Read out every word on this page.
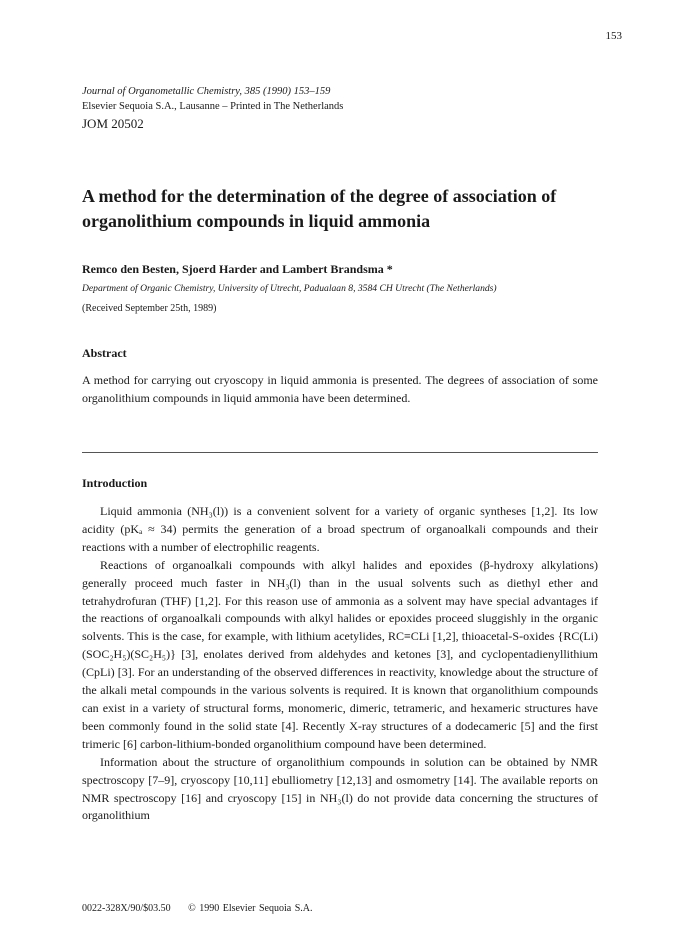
153
Journal of Organometallic Chemistry, 385 (1990) 153–159
Elsevier Sequoia S.A., Lausanne – Printed in The Netherlands
JOM 20502
A method for the determination of the degree of association of organolithium compounds in liquid ammonia
Remco den Besten, Sjoerd Harder and Lambert Brandsma *
Department of Organic Chemistry, University of Utrecht, Padualaan 8, 3584 CH Utrecht (The Netherlands)
(Received September 25th, 1989)
Abstract

A method for carrying out cryoscopy in liquid ammonia is presented. The degrees of association of some organolithium compounds in liquid ammonia have been determined.

Introduction

Liquid ammonia (NH₃(l)) is a convenient solvent for a variety of organic syntheses [1,2]. Its low acidity (pKₐ ≈ 34) permits the generation of a broad spectrum of organoalkali compounds and their reactions with a number of electrophilic reagents.

Reactions of organoalkali compounds with alkyl halides and epoxides (β-hydroxy alkylations) generally proceed much faster in NH₃(l) than in the usual solvents such as diethyl ether and tetrahydrofuran (THF) [1,2]. For this reason use of ammonia as a solvent may have special advantages if the reactions of organoalkali compounds with alkyl halides or epoxides proceed sluggishly in the organic solvents. This is the case, for example, with lithium acetylides, RC≡CLi [1,2], thioacetal-S-oxides {RC(Li)(SOC₂H₅)(SC₂H₅)} [3], enolates derived from aldehydes and ketones [3], and cyclopentadienyllithium (CpLi) [3]. For an understanding of the observed differences in reactivity, knowledge about the structure of the alkali metal compounds in the various solvents is required. It is known that organolithium compounds can exist in a variety of structural forms, monomeric, dimeric, tetrameric, and hexameric structures have been commonly found in the solid state [4]. Recently X-ray structures of a dodecameric [5] and the first trimeric [6] carbon-lithium-bonded organolithium compound have been determined.

Information about the structure of organolithium compounds in solution can be obtained by NMR spectroscopy [7–9], cryoscopy [10,11] ebulliometry [12,13] and osmometry [14]. The available reports on NMR spectroscopy [16] and cryoscopy [15] in NH₃(l) do not provide data concerning the structures of organolithium

0022-328X/90/$03.50 © 1990 Elsevier Sequoia S.A.
